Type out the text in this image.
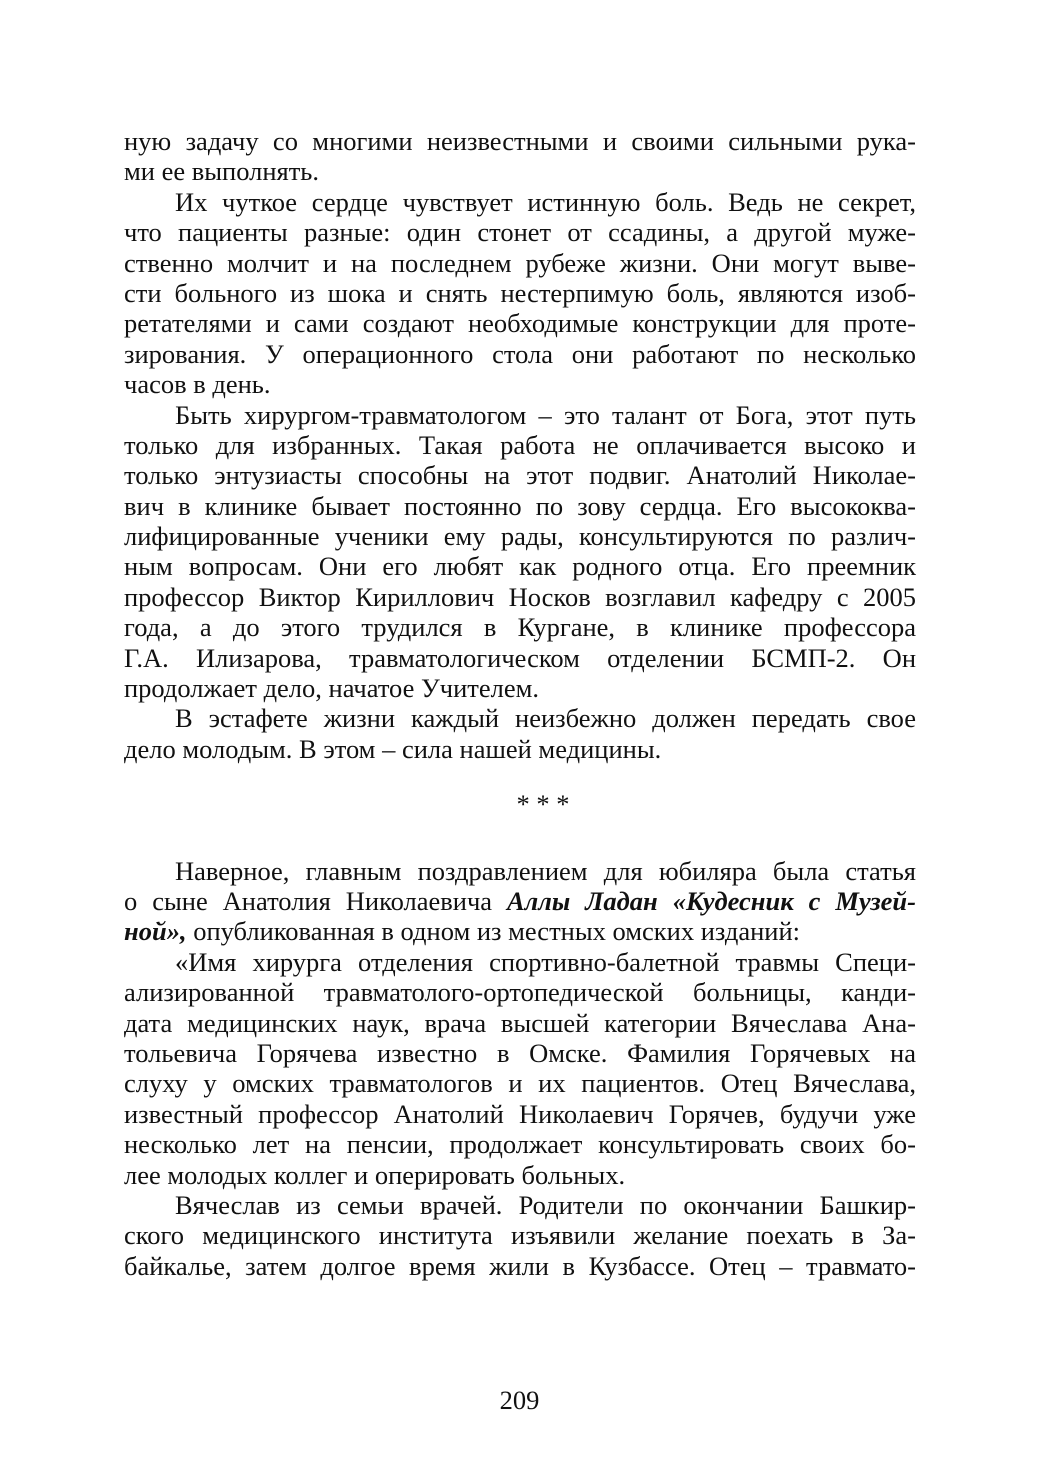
ную задачу со многими неизвестными и своими сильными рука-
ми ее выполнять.
Их чуткое сердце чувствует истинную боль. Ведь не секрет,
что пациенты разные: один стонет от ссадины, а другой муже-
ственно молчит и на последнем рубеже жизни. Они могут выве-
сти больного из шока и снять нестерпимую боль, являются изоб-
ретателями и сами создают необходимые конструкции для проте-
зирования. У операционного стола они работают по несколько
часов в день.
Быть хирургом-травматологом – это талант от Бога, этот путь
только для избранных. Такая работа не оплачивается высоко и
только энтузиасты способны на этот подвиг. Анатолий Николае-
вич в клинике бывает постоянно по зову сердца. Его высококва-
лифицированные ученики ему рады, консультируются по различ-
ным вопросам. Они его любят как родного отца. Его преемник
профессор Виктор Кириллович Носков возглавил кафедру с 2005
года, а до этого трудился в Кургане, в клинике профессора
Г.А. Илизарова, травматологическом отделении БСМП-2. Он
продолжает дело, начатое Учителем.
В эстафете жизни каждый неизбежно должен передать свое
дело молодым. В этом – сила нашей медицины.
* * *
Наверное, главным поздравлением для юбиляра была статья
о сыне Анатолия Николаевича Аллы Ладан «Кудесник с Музей-
ной», опубликованная в одном из местных омских изданий:
«Имя хирурга отделения спортивно-балетной травмы Специ-
ализированной травматолого-ортопедической больницы, канди-
дата медицинских наук, врача высшей категории Вячеслава Ана-
тольевича Горячева известно в Омске. Фамилия Горячевых на
слуху у омских травматологов и их пациентов. Отец Вячеслава,
известный профессор Анатолий Николаевич Горячев, будучи уже
несколько лет на пенсии, продолжает консультировать своих бо-
лее молодых коллег и оперировать больных.
Вячеслав из семьи врачей. Родители по окончании Башкир-
ского медицинского института изъявили желание поехать в За-
байкалье, затем долгое время жили в Кузбассе. Отец – травмато-
209
